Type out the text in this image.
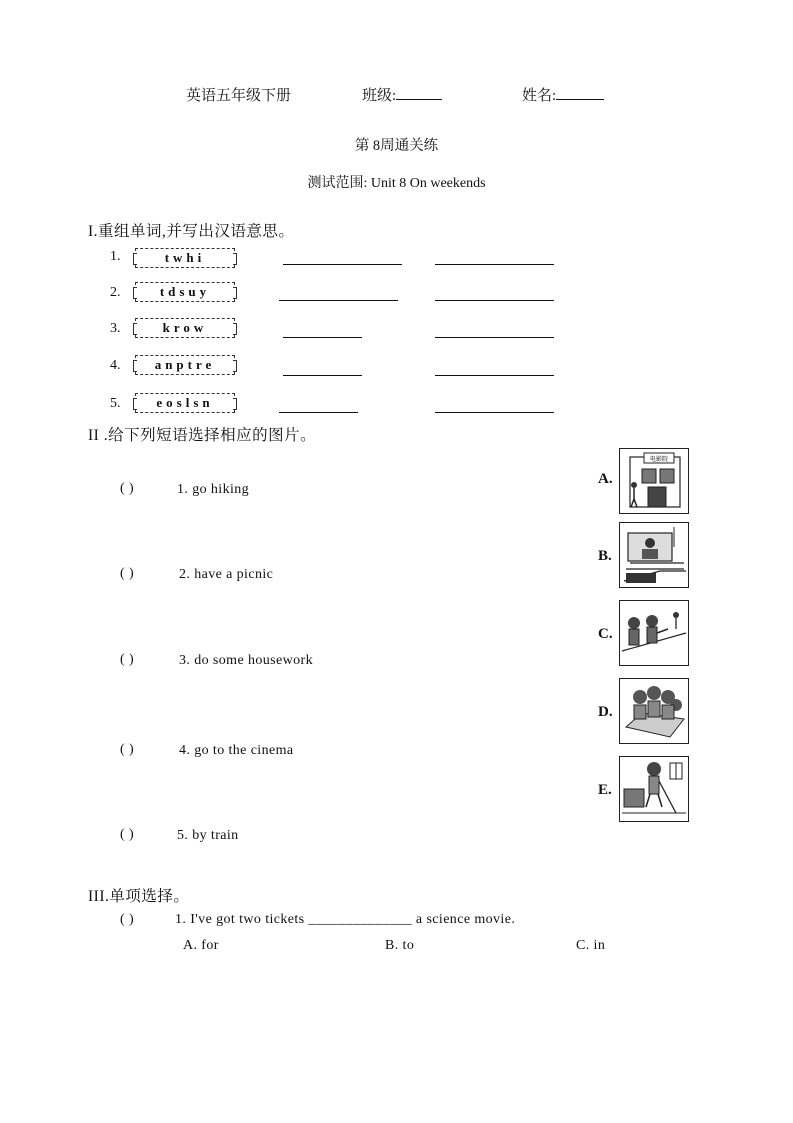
英语五年级下册	班级:	姓名:
第 8周通关练
测试范围: Unit 8 On weekends
I.重组单词,并写出汉语意思。
1.	twhi
2.	tdsuy
3.	krow
4.	anptre
5.	eoslsn
II .给下列短语选择相应的图片。
( )	1. go hiking
( )	2. have a picnic
( )	3. do some housework
( )	4. go to the cinema
( )	5. by train
A.
电影院
B.
C.
D.
E.
III.单项选择。
( )	1. I've got two tickets ______________ a science movie.
A. for	B. to	C. in
